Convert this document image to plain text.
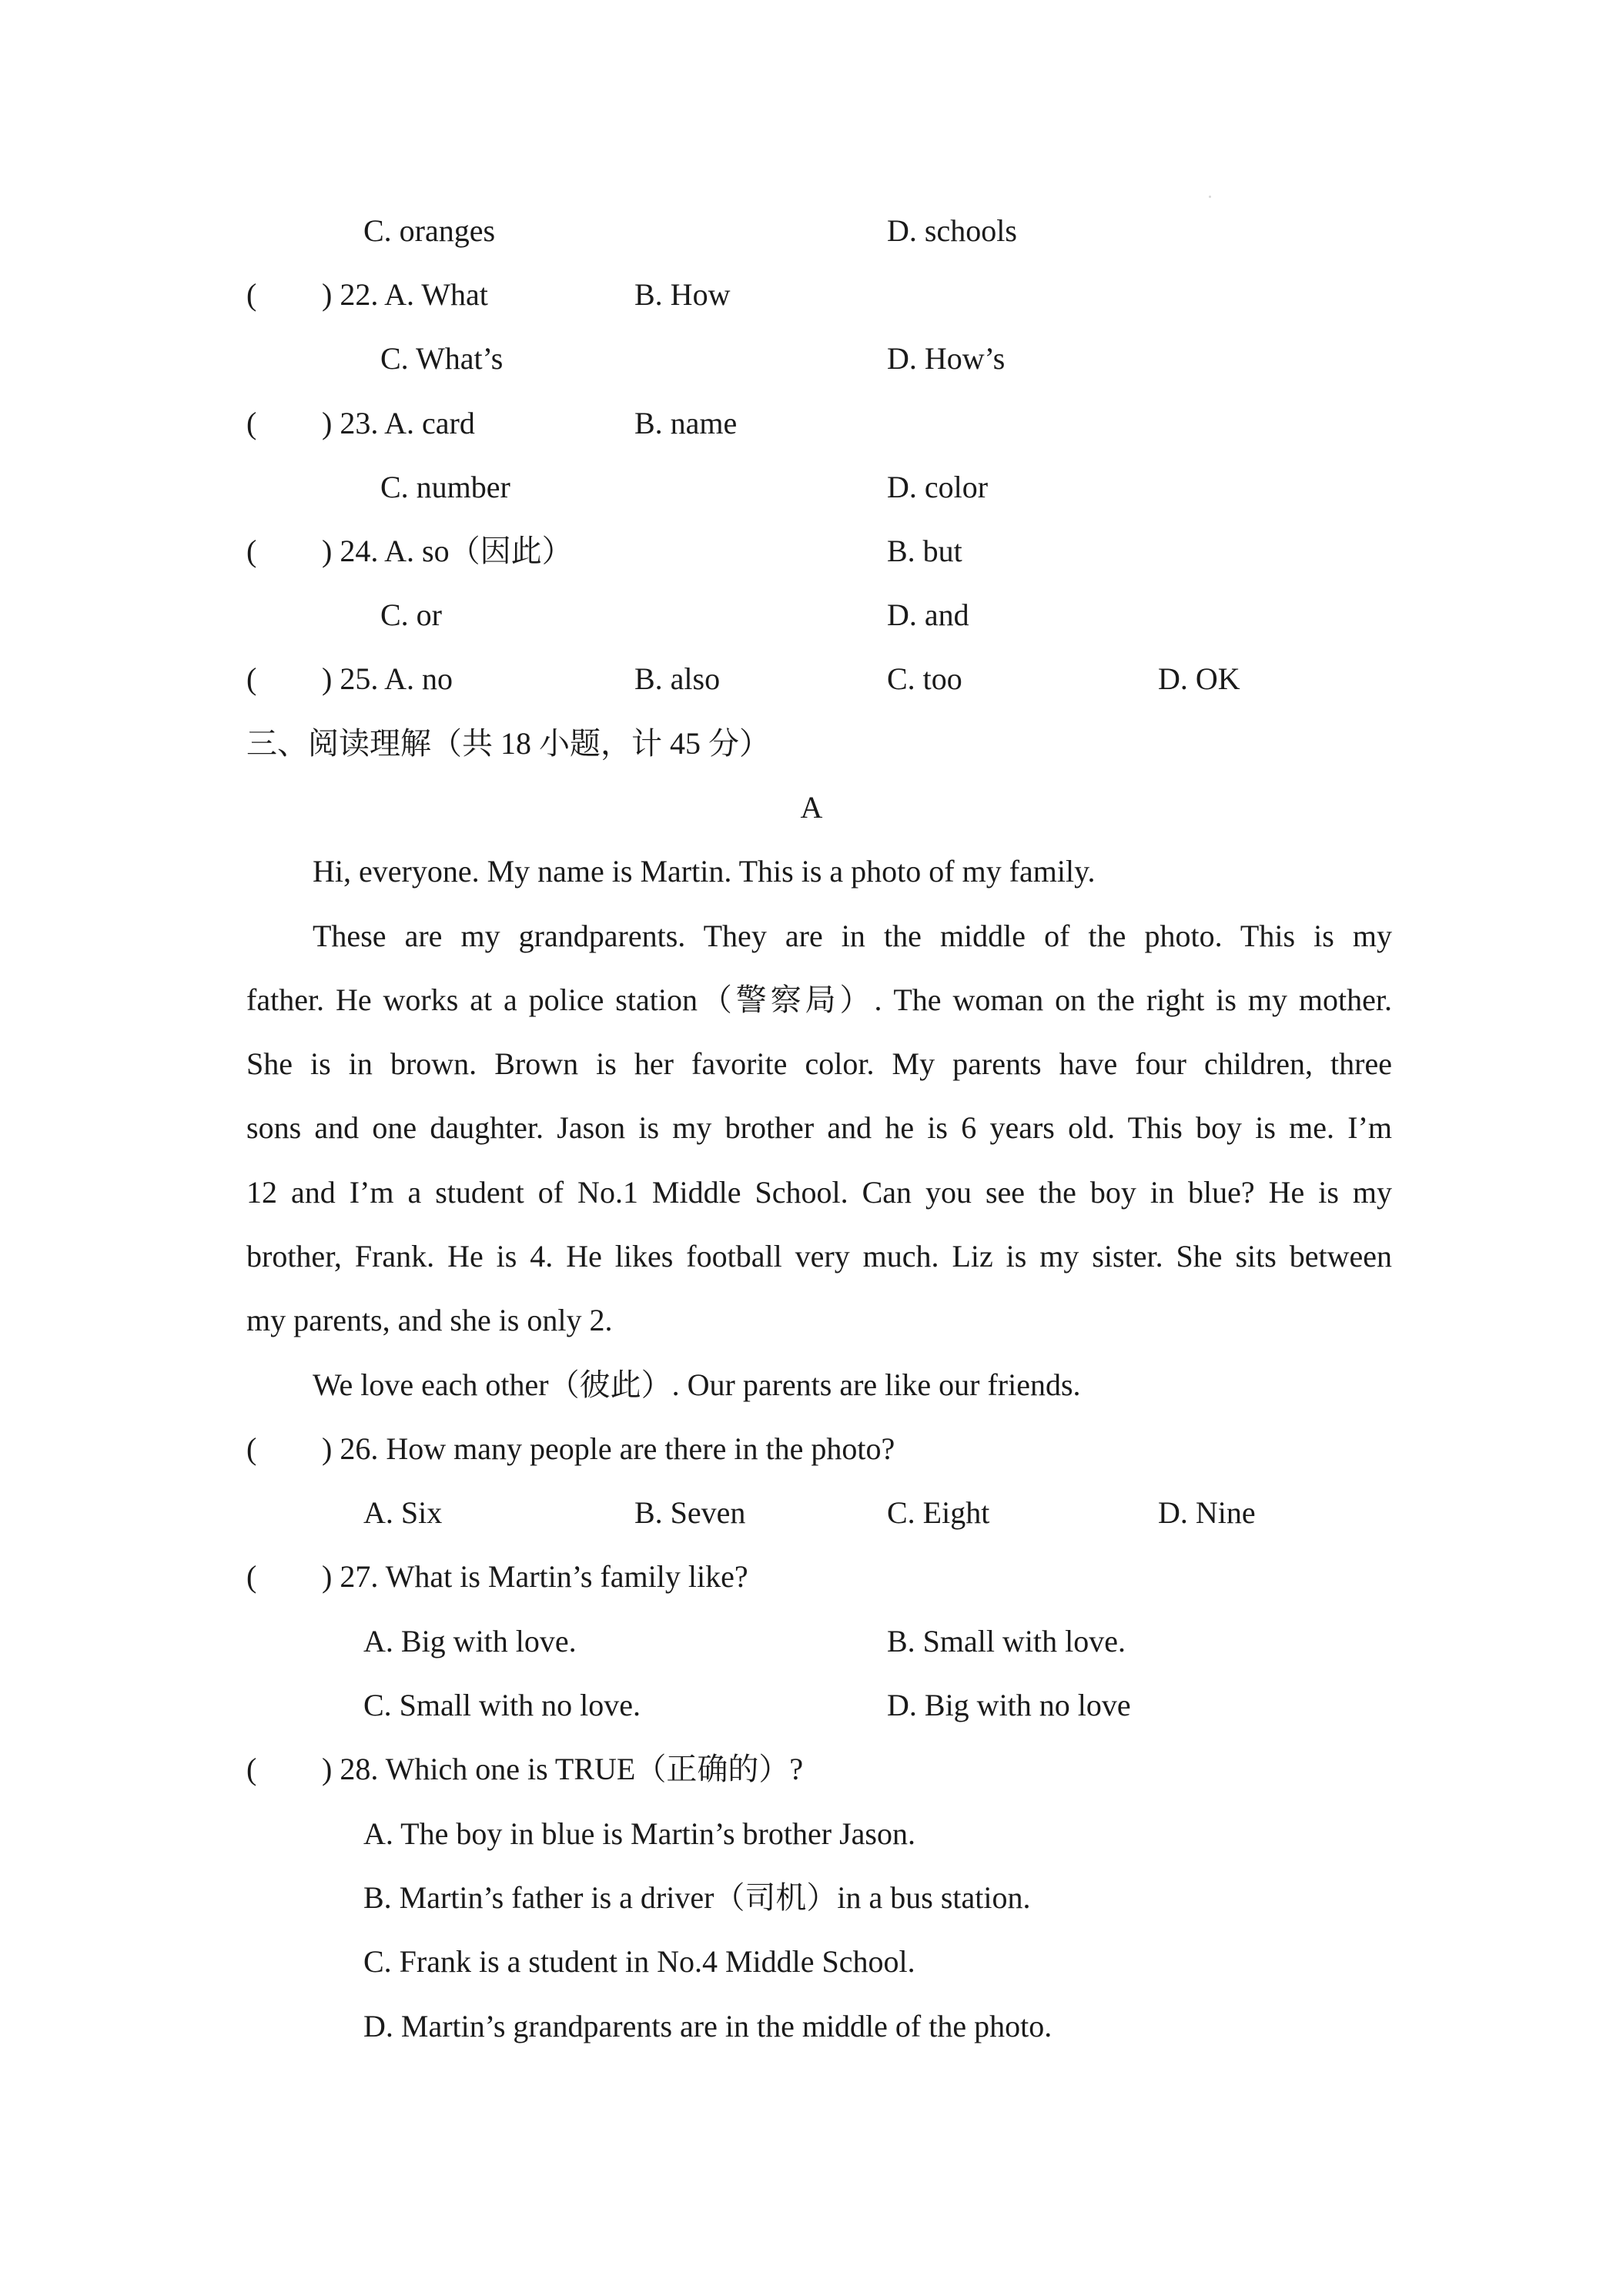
C. oranges	D. schools
( ) 22. A. What	B. How
C. What’s	D. How’s
( ) 23. A. card	B. name
C. number	D. color
( ) 24. A. so（因此）	B. but
C. or	D. and
( ) 25. A. no	B. also	C. too	D. OK
三、阅读理解（共 18 小题，计 45 分）
A
Hi, everyone. My name is Martin. This is a photo of my family.
These are my grandparents. They are in the middle of the photo. This is my
father. He works at a police station（警察局）. The woman on the right is my mother.
She is in brown. Brown is her favorite color. My parents have four children, three
sons and one daughter. Jason is my brother and he is 6 years old. This boy is me. I’m
12 and I’m a student of No.1 Middle School. Can you see the boy in blue? He is my
brother, Frank. He is 4. He likes football very much. Liz is my sister. She sits between
my parents, and she is only 2.
We love each other（彼此）. Our parents are like our friends.
( ) 26. How many people are there in the photo?
A. Six	B. Seven	C. Eight	D. Nine
( ) 27. What is Martin’s family like?
A. Big with love.	B. Small with love.
C. Small with no love.	D. Big with no love
( ) 28. Which one is TRUE（正确的）?
A. The boy in blue is Martin’s brother Jason.
B. Martin’s father is a driver（司机）in a bus station.
C. Frank is a student in No.4 Middle School.
D. Martin’s grandparents are in the middle of the photo.
